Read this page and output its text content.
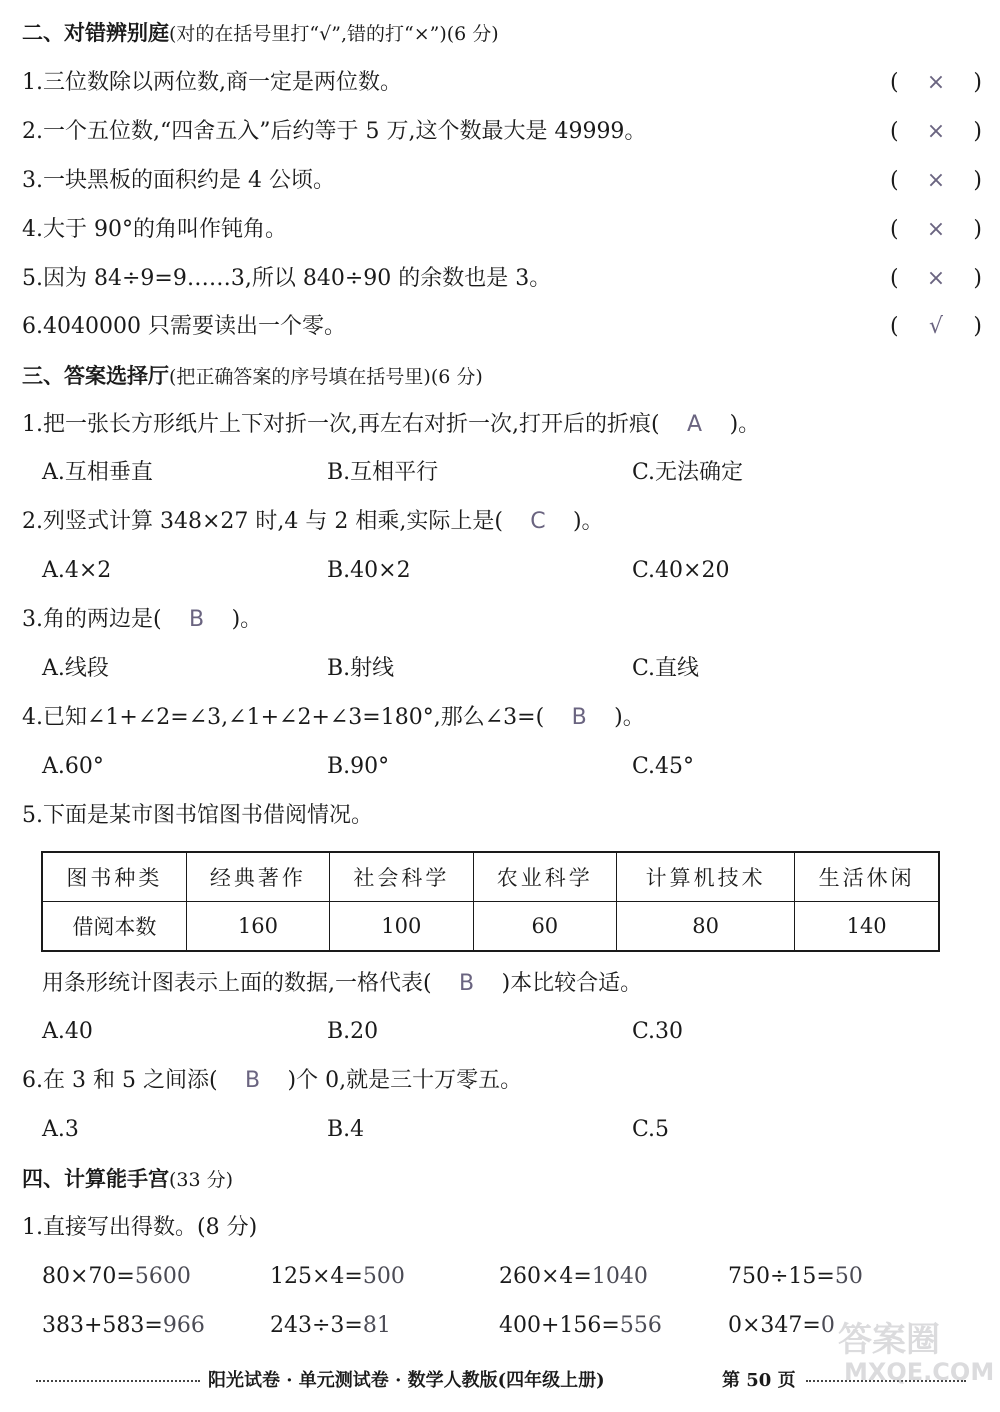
二、对错辨别庭(对的在括号里打“√”,错的打“×”)(6 分)
1.三位数除以两位数,商一定是两位数。	( × )
2.一个五位数,“四舍五入”后约等于 5 万,这个数最大是 49999。	( × )
3.一块黑板的面积约是 4 公顷。	( × )
4.大于 90°的角叫作钝角。	( × )
5.因为 84÷9=9……3,所以 840÷90 的余数也是 3。	( × )
6.4040000 只需要读出一个零。	( √ )
三、答案选择厅(把正确答案的序号填在括号里)(6 分)
1.把一张长方形纸片上下对折一次,再左右对折一次,打开后的折痕( A )。
A.互相垂直	B.互相平行	C.无法确定
2.列竖式计算 348×27 时,4 与 2 相乘,实际上是( C )。
A.4×2	B.40×2	C.40×20
3.角的两边是( B )。
A.线段	B.射线	C.直线
4.已知∠1+∠2=∠3,∠1+∠2+∠3=180°,那么∠3=( B )。
A.60°	B.90°	C.45°
5.下面是某市图书馆图书借阅情况。
图书种类	经典著作	社会科学	农业科学	计算机技术	生活休闲
借阅本数	160	100	60	80	140
用条形统计图表示上面的数据,一格代表( B )本比较合适。
A.40	B.20	C.30
6.在 3 和 5 之间添( B )个 0,就是三十万零五。
A.3	B.4	C.5
四、计算能手宫(33 分)
1.直接写出得数。(8 分)
80×70=5600	125×4=500	260×4=1040	750÷15=50
383+583=966	243÷3=81	400+156=556	0×347=0
阳光试卷 · 单元测试卷 · 数学人教版(四年级上册)	第 50 页
答案圈
MXQE.COM
